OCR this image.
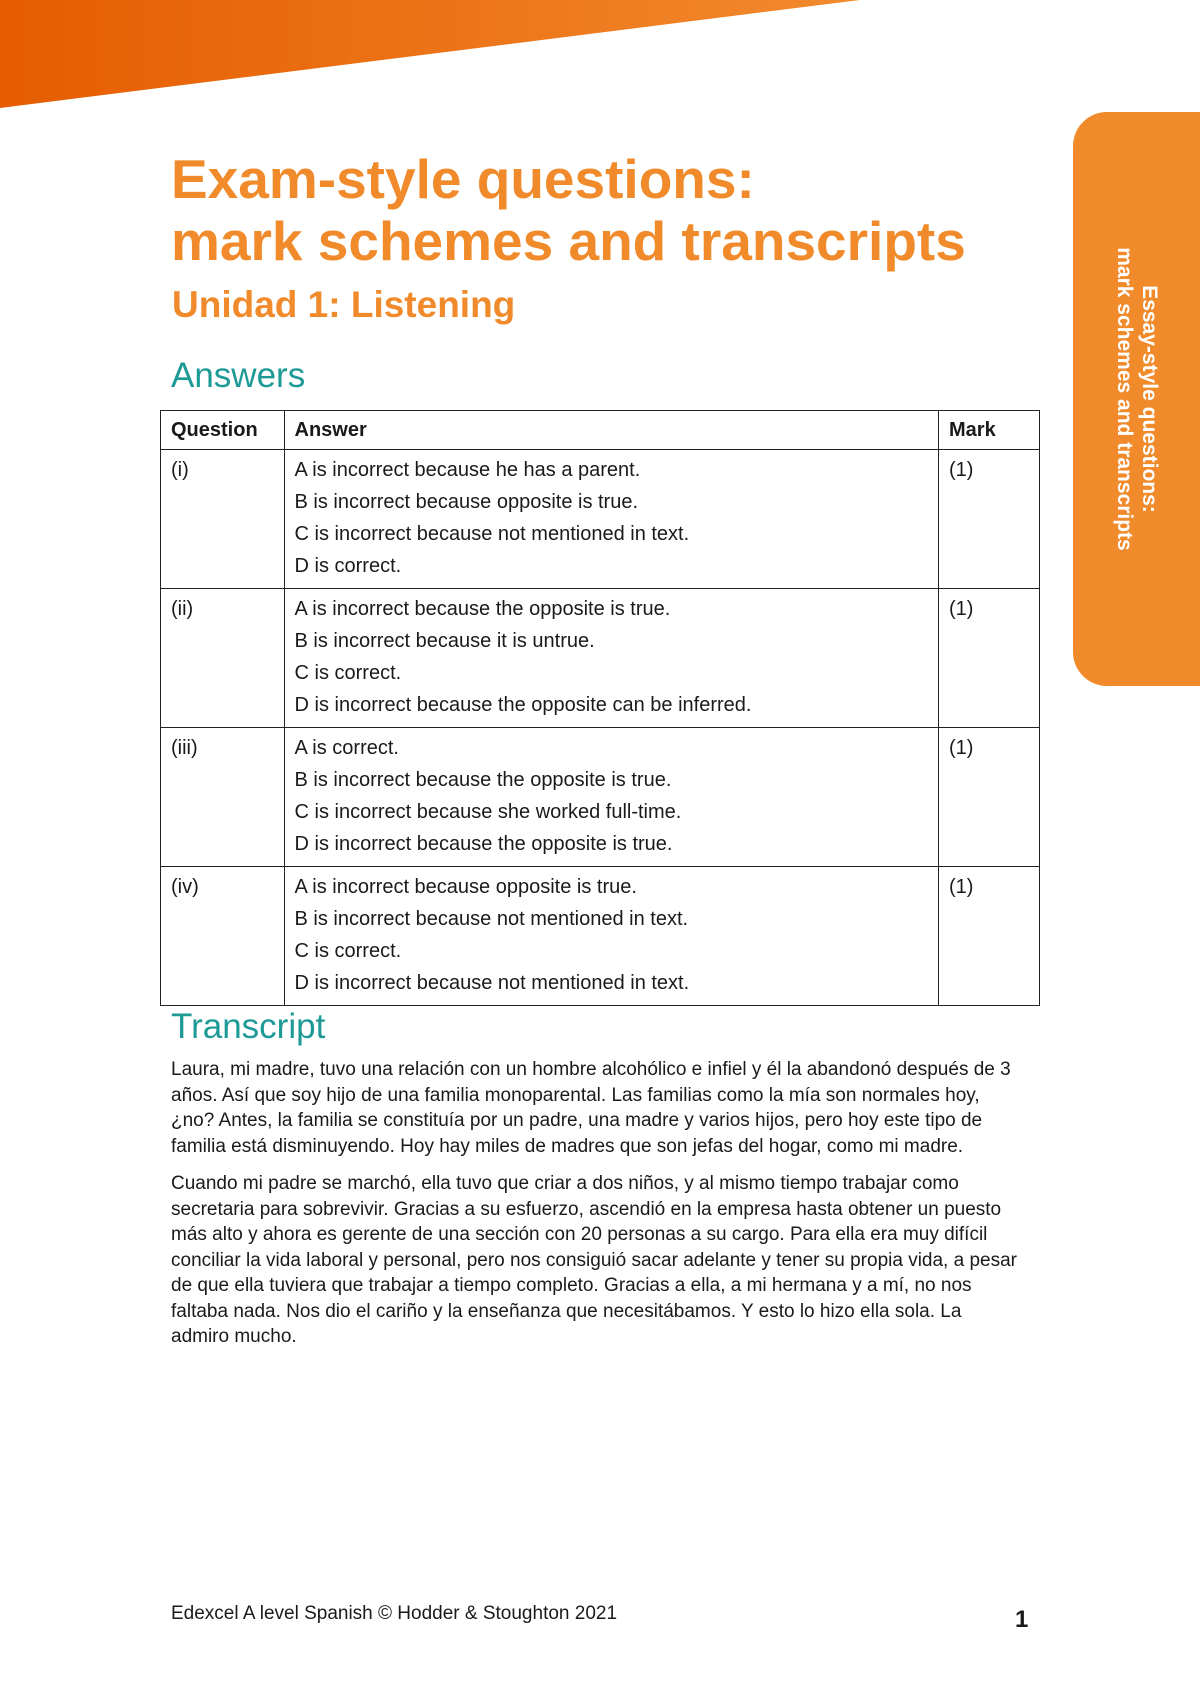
Essay-style questions:
mark schemes and transcripts
Exam-style questions:
mark schemes and transcripts
Unidad 1: Listening
Answers
Question	Answer	Mark
(i)	A is incorrect because he has a parent.
B is incorrect because opposite is true.
C is incorrect because not mentioned in text.
D is correct.	(1)
(ii)	A is incorrect because the opposite is true.
B is incorrect because it is untrue.
C is correct.
D is incorrect because the opposite can be inferred.	(1)
(iii)	A is correct.
B is incorrect because the opposite is true.
C is incorrect because she worked full-time.
D is incorrect because the opposite is true.	(1)
(iv)	A is incorrect because opposite is true.
B is incorrect because not mentioned in text.
C is correct.
D is incorrect because not mentioned in text.	(1)
Transcript

Laura, mi madre, tuvo una relación con un hombre alcohólico e infiel y él la abandonó después de 3 años. Así que soy hijo de una familia monoparental. Las familias como la mía son normales hoy, ¿no? Antes, la familia se constituía por un padre, una madre y varios hijos, pero hoy este tipo de familia está disminuyendo. Hoy hay miles de madres que son jefas del hogar, como mi madre.

Cuando mi padre se marchó, ella tuvo que criar a dos niños, y al mismo tiempo trabajar como secretaria para sobrevivir. Gracias a su esfuerzo, ascendió en la empresa hasta obtener un puesto más alto y ahora es gerente de una sección con 20 personas a su cargo. Para ella era muy difícil conciliar la vida laboral y personal, pero nos consiguió sacar adelante y tener su propia vida, a pesar de que ella tuviera que trabajar a tiempo completo. Gracias a ella, a mi hermana y a mí, no nos faltaba nada. Nos dio el cariño y la enseñanza que necesitábamos. Y esto lo hizo ella sola. La admiro mucho.

Edexcel A level Spanish © Hodder & Stoughton 2021	1
